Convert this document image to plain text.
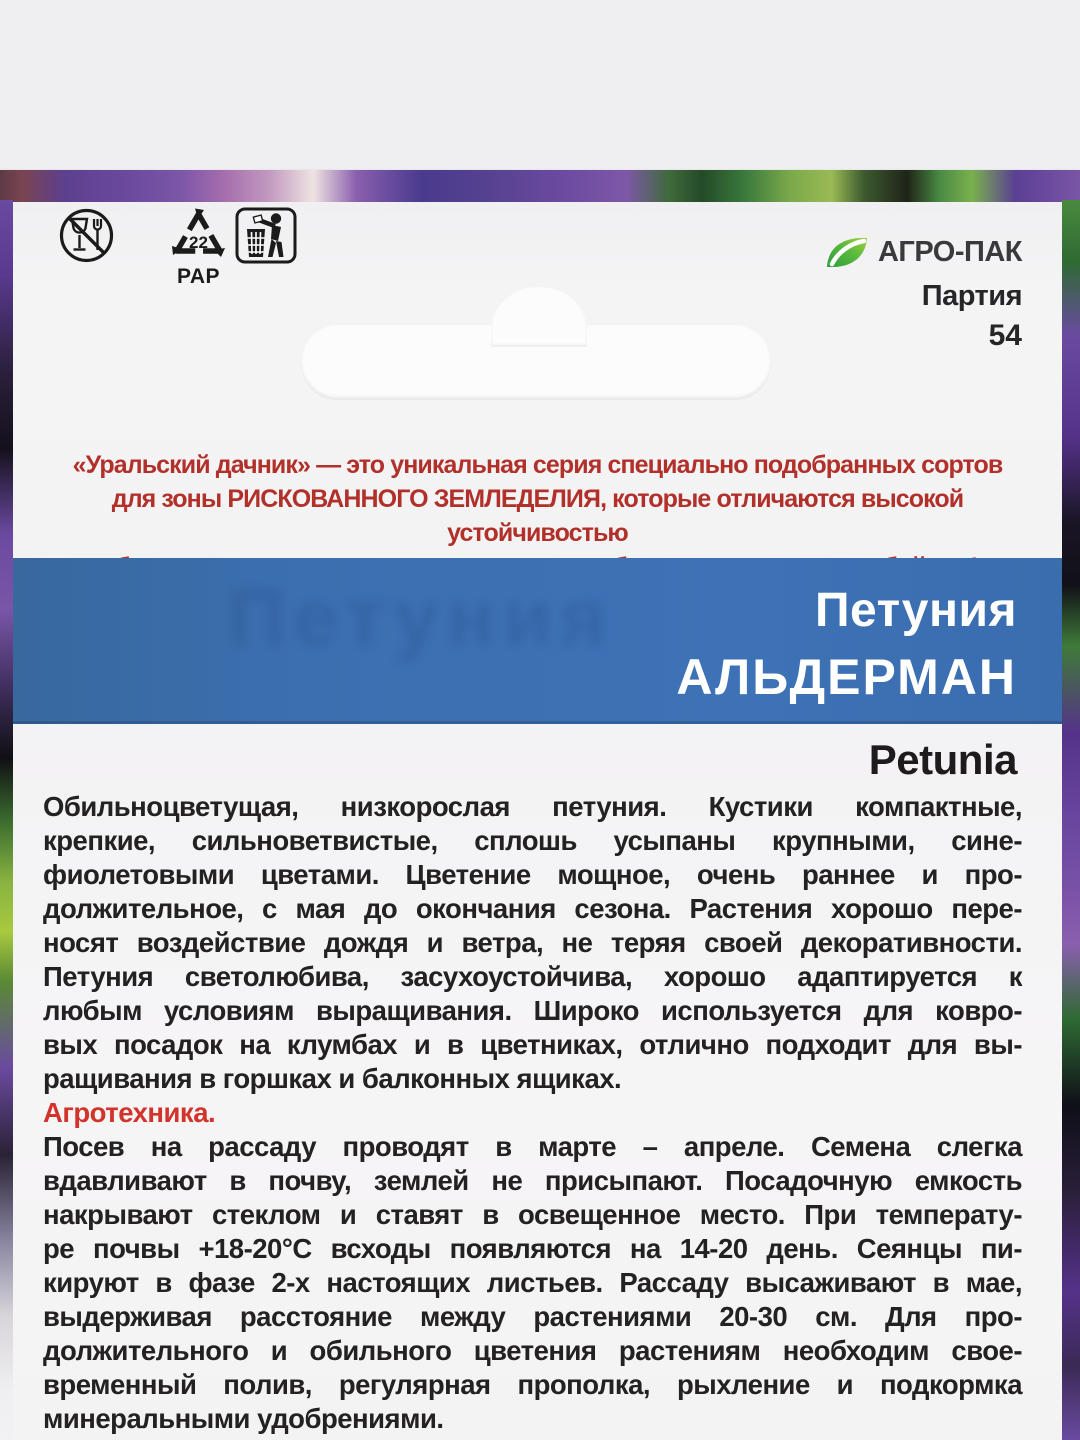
22
PAP
АГРО-ПАК
Партия
54
«Уральский дачник» — это уникальная серия специально подобранных сортов
для зоны РИСКОВАННОГО ЗЕМЛЕДЕЛИЯ, которые отличаются высокой устойчивостью
Петуния	Петуния
АЛЬДЕРМАН
Petunia
Обильноцветущая, низкорослая петуния. Кустики компактные,
крепкие, сильноветвистые, сплошь усыпаны крупными, сине-
фиолетовыми цветами. Цветение мощное, очень раннее и про-
должительное, с мая до окончания сезона. Растения хорошо пере-
носят воздействие дождя и ветра, не теряя своей декоративности.
Петуния светолюбива, засухоустойчива, хорошо адаптируется к
любым условиям выращивания. Широко используется для ковро-
вых посадок на клумбах и в цветниках, отлично подходит для вы-
ращивания в горшках и балконных ящиках.
Агротехника.
Посев на рассаду проводят в марте – апреле. Семена слегка
вдавливают в почву, землей не присыпают. Посадочную емкость
накрывают стеклом и ставят в освещенное место. При температу-
ре почвы +18-20°С всходы появляются на 14-20 день. Сеянцы пи-
кируют в фазе 2-х настоящих листьев. Рассаду высаживают в мае,
выдерживая расстояние между растениями 20-30 см. Для про-
должительного и обильного цветения растениям необходим свое-
временный полив, регулярная прополка, рыхление и подкормка
минеральными удобрениями.
